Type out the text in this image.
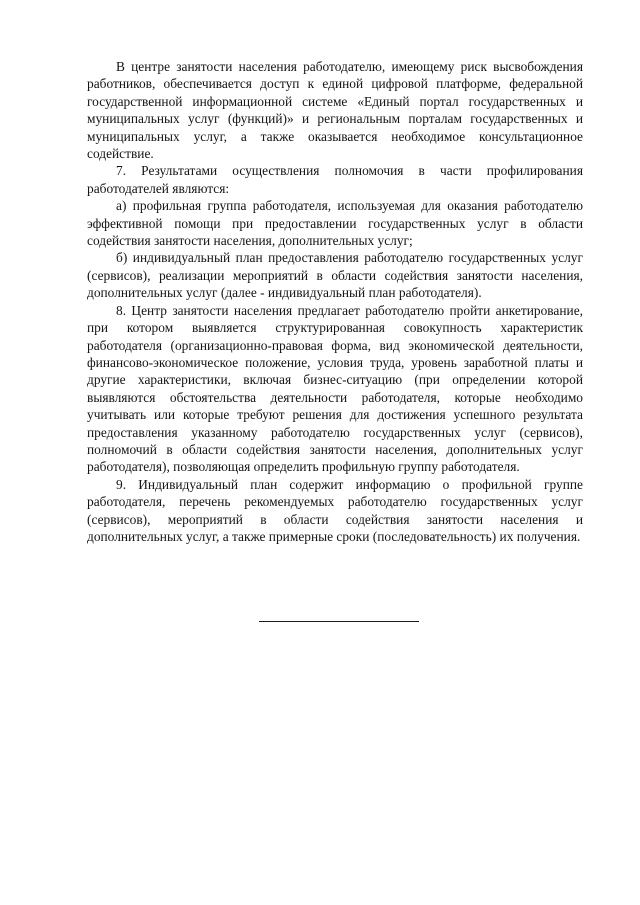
В центре занятости населения работодателю, имеющему риск высвобождения работников, обеспечивается доступ к единой цифровой платформе, федеральной государственной информационной системе «Единый портал государственных и муниципальных услуг (функций)» и региональным порталам государственных и муниципальных услуг, а также оказывается необходимое консультационное содействие.

7. Результатами осуществления полномочия в части профилирования работодателей являются:

а) профильная группа работодателя, используемая для оказания работодателю эффективной помощи при предоставлении государственных услуг в области содействия занятости населения, дополнительных услуг;

б) индивидуальный план предоставления работодателю государственных услуг (сервисов), реализации мероприятий в области содействия занятости населения, дополнительных услуг (далее - индивидуальный план работодателя).

8. Центр занятости населения предлагает работодателю пройти анкетирование, при котором выявляется структурированная совокупность характеристик работодателя (организационно-правовая форма, вид экономической деятельности, финансово-экономическое положение, условия труда, уровень заработной платы и другие характеристики, включая бизнес-ситуацию (при определении которой выявляются обстоятельства деятельности работодателя, которые необходимо учитывать или которые требуют решения для достижения успешного результата предоставления указанному работодателю государственных услуг (сервисов), полномочий в области содействия занятости населения, дополнительных услуг работодателя), позволяющая определить профильную группу работодателя.

9. Индивидуальный план содержит информацию о профильной группе работодателя, перечень рекомендуемых работодателю государственных услуг (сервисов), мероприятий в области содействия занятости населения и дополнительных услуг, а также примерные сроки (последовательность) их получения.
